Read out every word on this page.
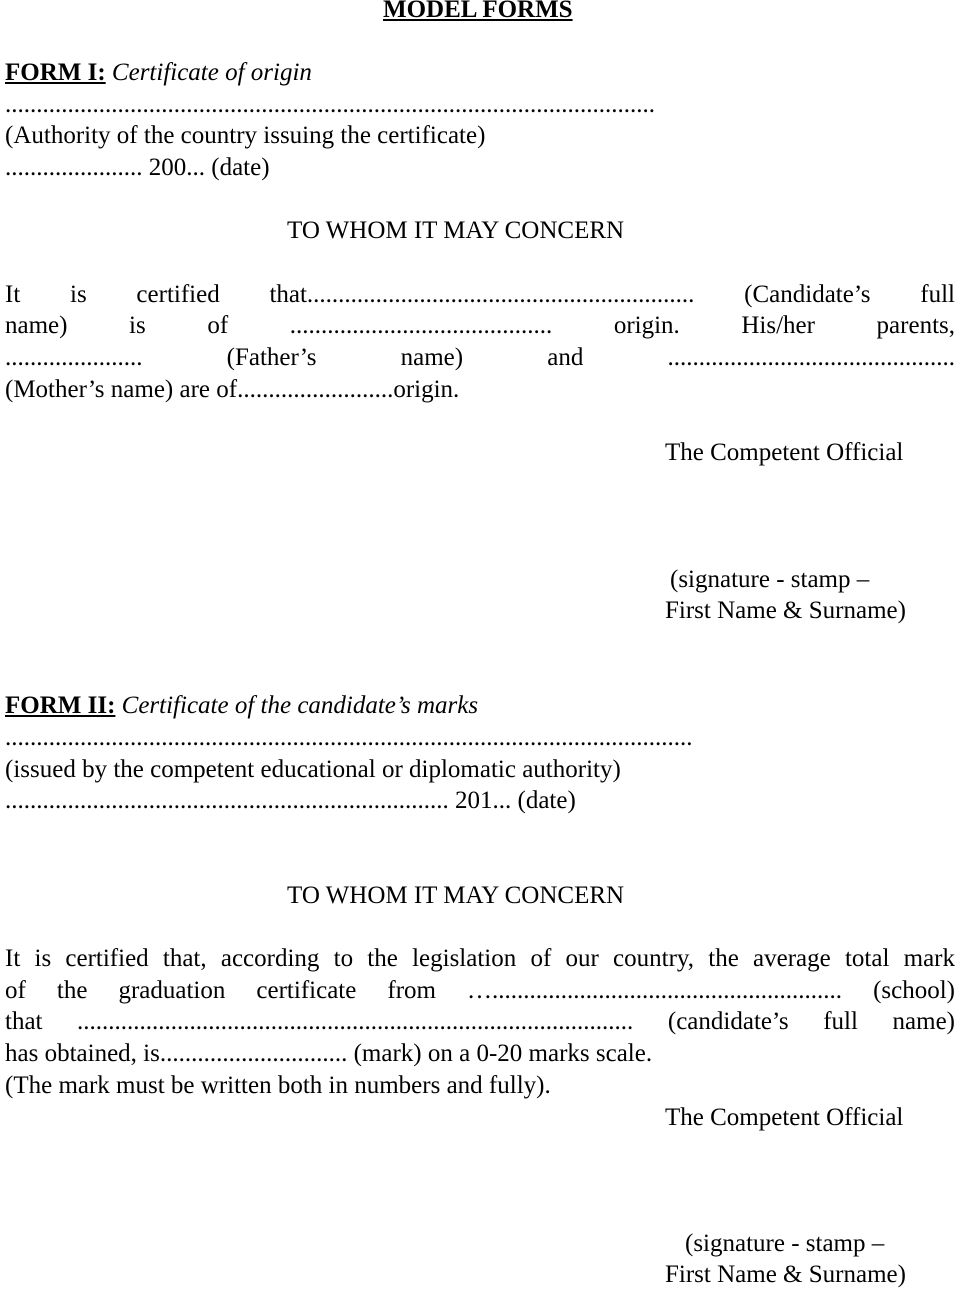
MODEL FORMS
FORM I: Certificate of origin
........................................................................................................
(Authority of the country issuing the certificate)
...................... 200... (date)
TO WHOM IT MAY CONCERN
It is certified that.............................................................. (Candidate’s full
name) is of .......................................... origin. His/her parents,
...................... (Father’s name) and ..............................................
(Mother’s name) are of.........................origin.
The Competent Official
(signature - stamp –
First Name & Surname)
FORM II: Certificate of the candidate’s marks
..............................................................................................................
(issued by the competent educational or diplomatic authority)
....................................................................... 201... (date)
TO WHOM IT MAY CONCERN
It is certified that, according to the legislation of our country, the average total mark
of the graduation certificate from …........................................................ (school)
that ......................................................................................... (candidate’s full name)
has obtained, is.............................. (mark) on a 0-20 marks scale.
(The mark must be written both in numbers and fully).
The Competent Official
(signature - stamp –
First Name & Surname)
